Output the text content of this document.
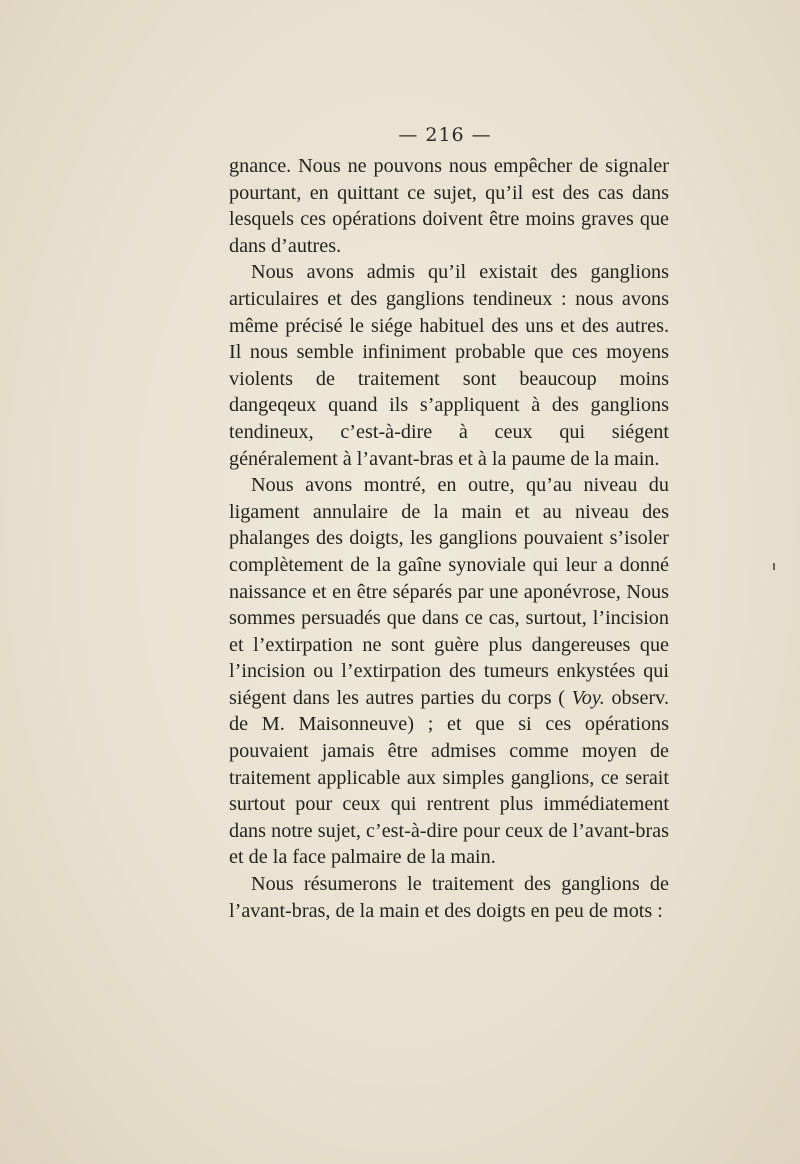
— 216 —

gnance. Nous ne pouvons nous empêcher de signaler pourtant, en quittant ce sujet, qu’il est des cas dans lesquels ces opérations doivent être moins graves que dans d’autres.

Nous avons admis qu’il existait des ganglions articulaires et des ganglions tendineux : nous avons même précisé le siége habituel des uns et des autres. Il nous semble infiniment probable que ces moyens violents de traitement sont beaucoup moins dangeqeux quand ils s’appliquent à des ganglions tendineux, c’est-à-dire à ceux qui siégent généralement à l’avant-bras et à la paume de la main.

Nous avons montré, en outre, qu’au niveau du ligament annulaire de la main et au niveau des phalanges des doigts, les ganglions pouvaient s’isoler complètement de la gaîne synoviale qui leur a donné naissance et en être séparés par une aponévrose, Nous sommes persuadés que dans ce cas, surtout, l’incision et l’extirpation ne sont guère plus dangereuses que l’incision ou l’extirpation des tumeurs enkystées qui siégent dans les autres parties du corps ( Voy. observ. de M. Maisonneuve) ; et que si ces opérations pouvaient jamais être admises comme moyen de traitement applicable aux simples ganglions, ce serait surtout pour ceux qui rentrent plus immédiatement dans notre sujet, c’est-à-dire pour ceux de l’avant-bras et de la face palmaire de la main.

Nous résumerons le traitement des ganglions de l’avant-bras, de la main et des doigts en peu de mots :
